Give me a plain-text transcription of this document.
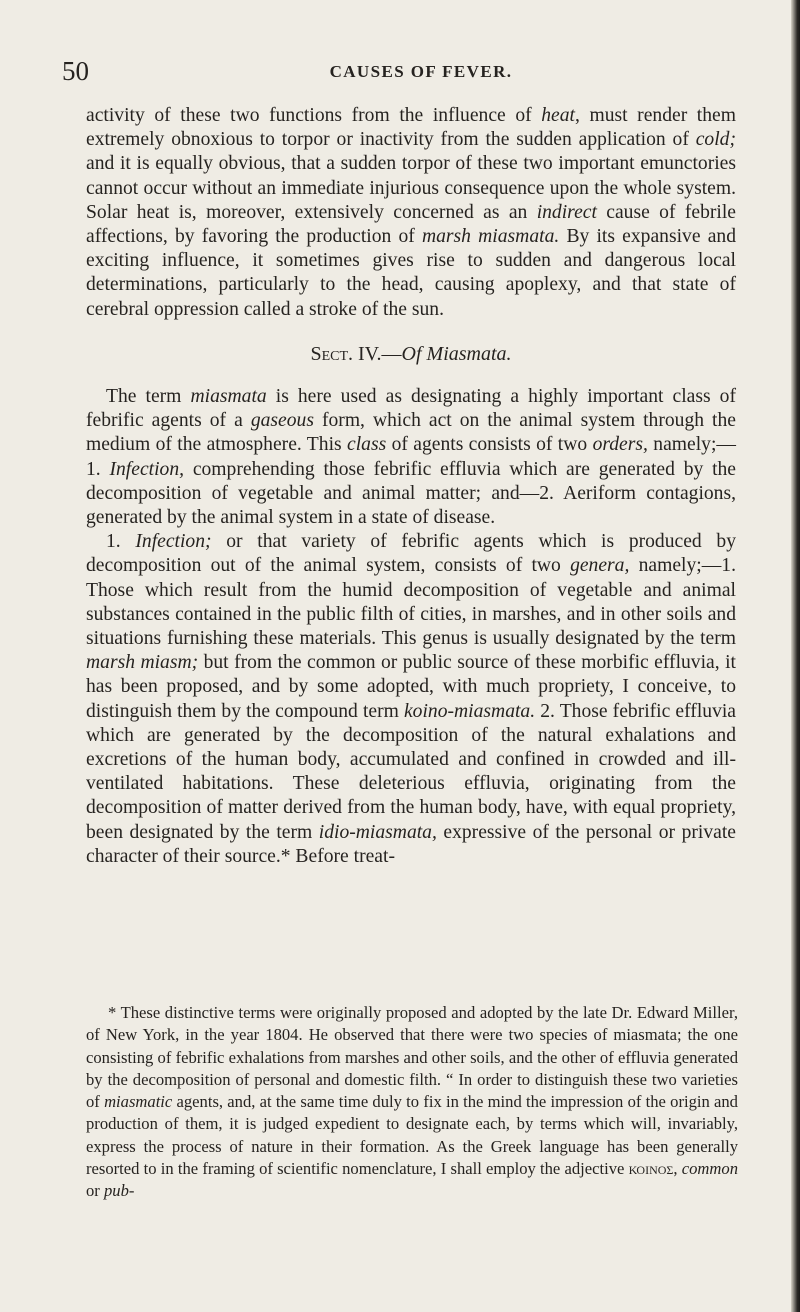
50	CAUSES OF FEVER.

activity of these two functions from the influence of heat, must render them extremely obnoxious to torpor or inactivity from the sudden application of cold; and it is equally obvious, that a sudden torpor of these two important emunctories cannot occur without an immediate injurious consequence upon the whole system. Solar heat is, moreover, extensively concerned as an indirect cause of febrile affections, by favoring the production of marsh miasmata. By its expansive and exciting influence, it sometimes gives rise to sudden and dangerous local determinations, particularly to the head, causing apoplexy, and that state of cerebral oppression called a stroke of the sun.

Sect. IV.—Of Miasmata.

The term miasmata is here used as designating a highly important class of febrific agents of a gaseous form, which act on the animal system through the medium of the atmosphere. This class of agents consists of two orders, namely;—1. Infection, comprehending those febrific effluvia which are generated by the decomposition of vegetable and animal matter; and—2. Aeriform contagions, generated by the animal system in a state of disease.

1. Infection; or that variety of febrific agents which is produced by decomposition out of the animal system, consists of two genera, namely;—1. Those which result from the humid decomposition of vegetable and animal substances contained in the public filth of cities, in marshes, and in other soils and situations furnishing these materials. This genus is usually designated by the term marsh miasm; but from the common or public source of these morbific effluvia, it has been proposed, and by some adopted, with much propriety, I conceive, to distinguish them by the compound term koino-miasmata. 2. Those febrific effluvia which are generated by the decomposition of the natural exhalations and excretions of the human body, accumulated and confined in crowded and ill-ventilated habitations. These deleterious effluvia, originating from the decomposition of matter derived from the human body, have, with equal propriety, been designated by the term idio-miasmata, expressive of the personal or private character of their source.* Before treat-

* These distinctive terms were originally proposed and adopted by the late Dr. Edward Miller, of New York, in the year 1804. He observed that there were two species of miasmata; the one consisting of febrific exhalations from marshes and other soils, and the other of effluvia generated by the decomposition of personal and domestic filth. “ In order to distinguish these two varieties of miasmatic agents, and, at the same time duly to fix in the mind the impression of the origin and production of them, it is judged expedient to designate each, by terms which will, invariably, express the process of nature in their formation. As the Greek language has been generally resorted to in the framing of scientific nomenclature, I shall employ the adjective κοινοσ, common or pub-
